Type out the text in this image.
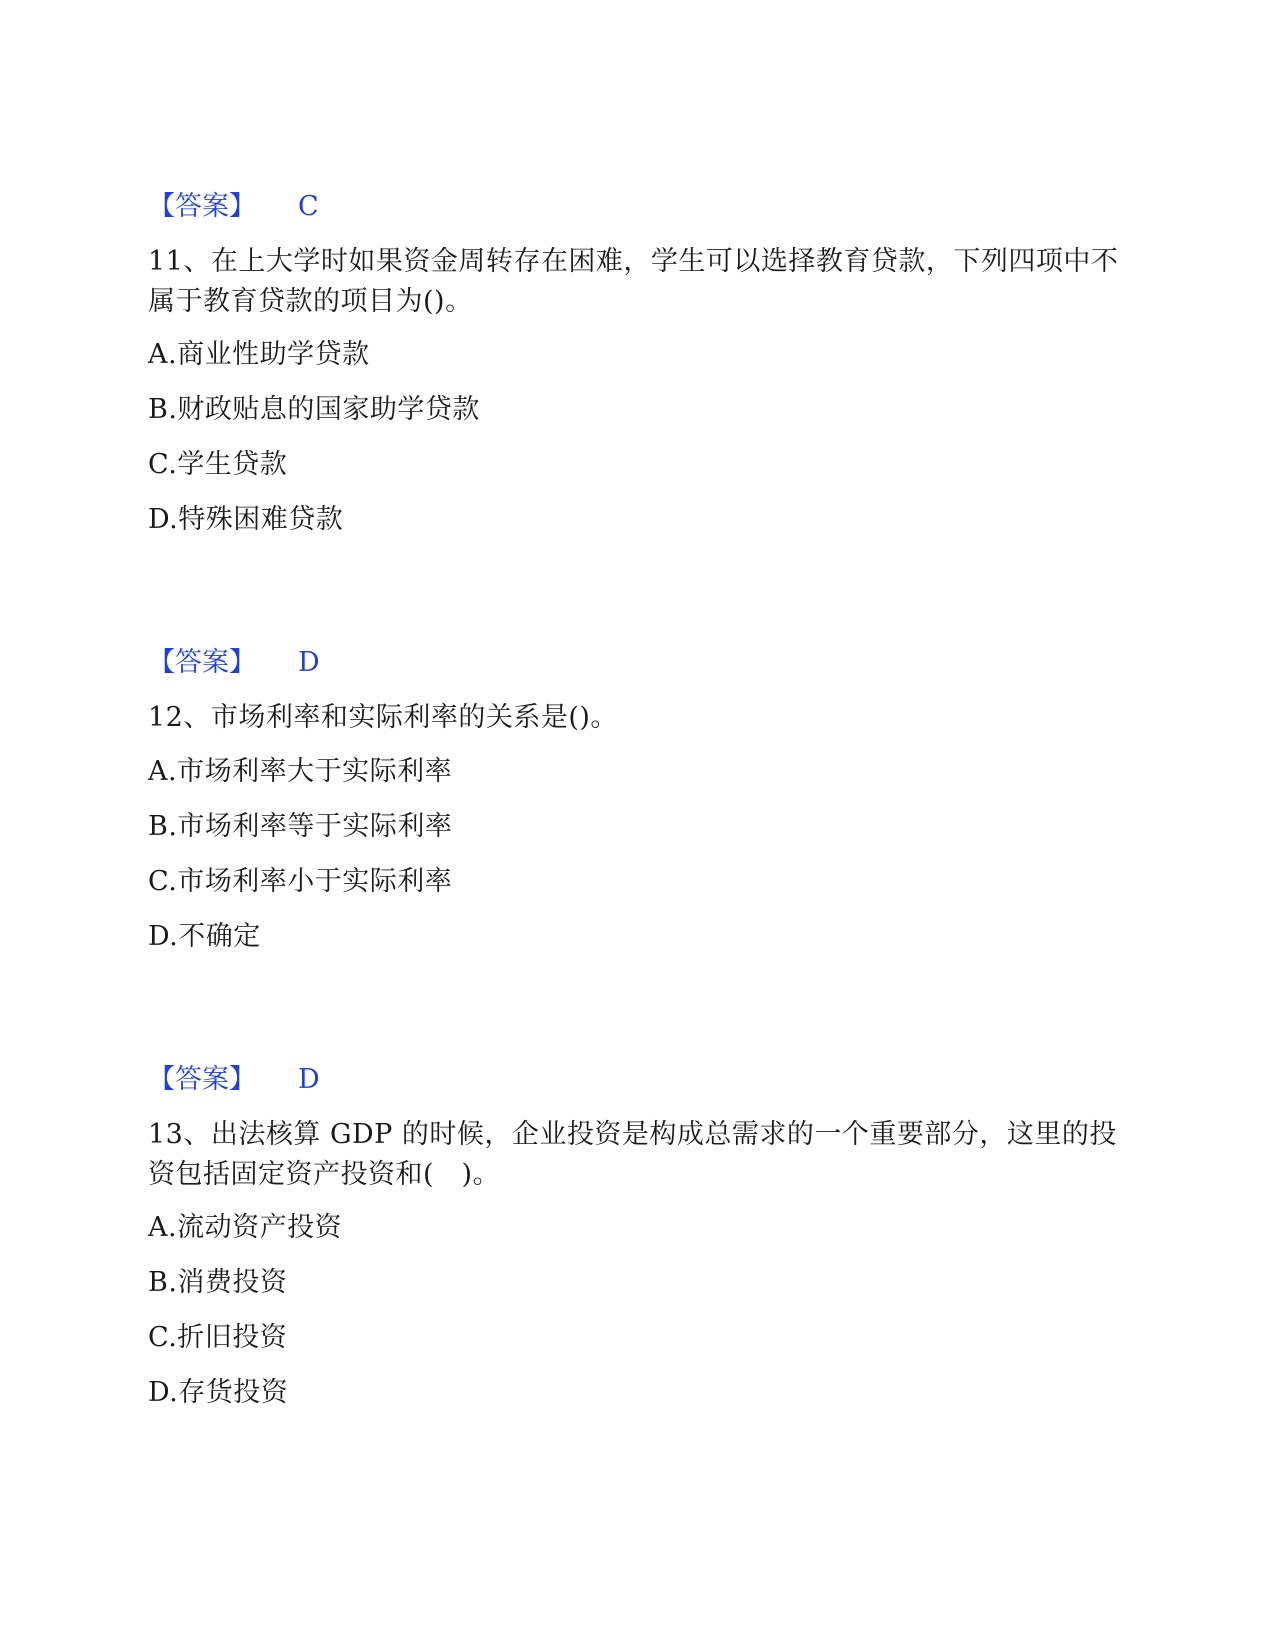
【答案】 C
11、在上大学时如果资金周转存在困难，学生可以选择教育贷款，下列四项中不属于教育贷款的项目为()。
A.商业性助学贷款
B.财政贴息的国家助学贷款
C.学生贷款
D.特殊困难贷款
【答案】 D
12、市场利率和实际利率的关系是()。
A.市场利率大于实际利率
B.市场利率等于实际利率
C.市场利率小于实际利率
D.不确定
【答案】 D
13、出法核算 GDP 的时候，企业投资是构成总需求的一个重要部分，这里的投资包括固定资产投资和(　)。
A.流动资产投资
B.消费投资
C.折旧投资
D.存货投资
